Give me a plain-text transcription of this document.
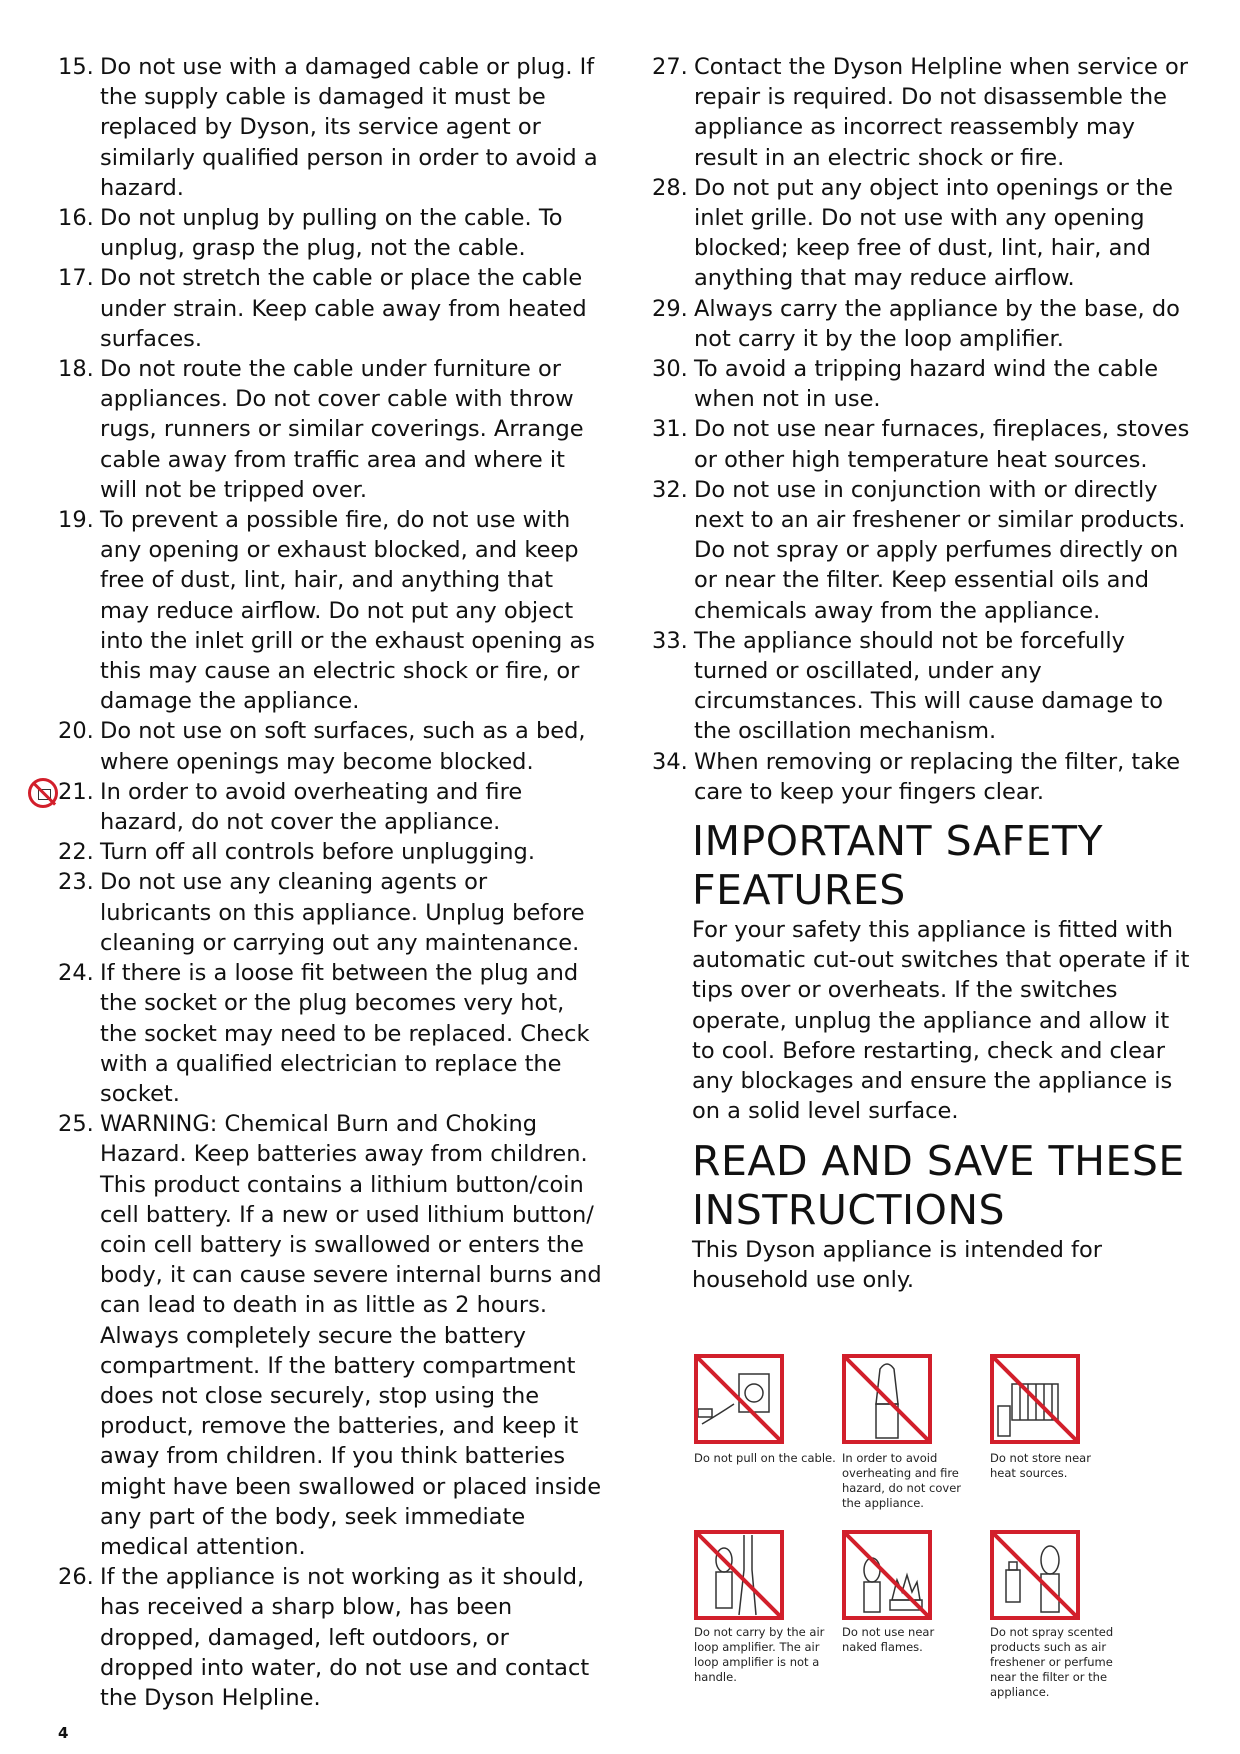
15. Do not use with a damaged cable or plug. If the supply cable is damaged it must be replaced by Dyson, its service agent or similarly qualified person in order to avoid a hazard.
16. Do not unplug by pulling on the cable. To unplug, grasp the plug, not the cable.
17. Do not stretch the cable or place the cable under strain. Keep cable away from heated surfaces.
18. Do not route the cable under furniture or appliances. Do not cover cable with throw rugs, runners or similar coverings. Arrange cable away from traffic area and where it will not be tripped over.
19. To prevent a possible fire, do not use with any opening or exhaust blocked, and keep free of dust, lint, hair, and anything that may reduce airflow. Do not put any object into the inlet grill or the exhaust opening as this may cause an electric shock or fire, or damage the appliance.
20. Do not use on soft surfaces, such as a bed, where openings may become blocked.
21. In order to avoid overheating and fire hazard, do not cover the appliance.
22. Turn off all controls before unplugging.
23. Do not use any cleaning agents or lubricants on this appliance. Unplug before cleaning or carrying out any maintenance.
24. If there is a loose fit between the plug and the socket or the plug becomes very hot, the socket may need to be replaced. Check with a qualified electrician to replace the socket.
25. WARNING: Chemical Burn and Choking Hazard. Keep batteries away from children. This product contains a lithium button/coin cell battery. If a new or used lithium button/ coin cell battery is swallowed or enters the body, it can cause severe internal burns and can lead to death in as little as 2 hours. Always completely secure the battery compartment. If the battery compartment does not close securely, stop using the product, remove the batteries, and keep it away from children. If you think batteries might have been swallowed or placed inside any part of the body, seek immediate medical attention.
26. If the appliance is not working as it should, has received a sharp blow, has been dropped, damaged, left outdoors, or dropped into water, do not use and contact the Dyson Helpline.
27. Contact the Dyson Helpline when service or repair is required. Do not disassemble the appliance as incorrect reassembly may result in an electric shock or fire.
28. Do not put any object into openings or the inlet grille. Do not use with any opening blocked; keep free of dust, lint, hair, and anything that may reduce airflow.
29. Always carry the appliance by the base, do not carry it by the loop amplifier.
30. To avoid a tripping hazard wind the cable when not in use.
31. Do not use near furnaces, fireplaces, stoves or other high temperature heat sources.
32. Do not use in conjunction with or directly next to an air freshener or similar products. Do not spray or apply perfumes directly on or near the filter. Keep essential oils and chemicals away from the appliance.
33. The appliance should not be forcefully turned or oscillated, under any circumstances. This will cause damage to the oscillation mechanism.
34. When removing or replacing the filter, take care to keep your fingers clear.
IMPORTANT SAFETY FEATURES

For your safety this appliance is fitted with automatic cut-out switches that operate if it tips over or overheats. If the switches operate, unplug the appliance and allow it to cool. Before restarting, check and clear any blockages and ensure the appliance is on a solid level surface.

READ AND SAVE THESE INSTRUCTIONS

This Dyson appliance is intended for household use only.

Do not pull on the cable. In order to avoid overheating and fire hazard, do not cover the appliance.
Do not store near heat sources.
Do not carry by the air loop amplifier. The air loop amplifier is not a handle.
Do not use near naked flames.
Do not spray scented products such as air freshener or perfume near the filter or the appliance.
4
